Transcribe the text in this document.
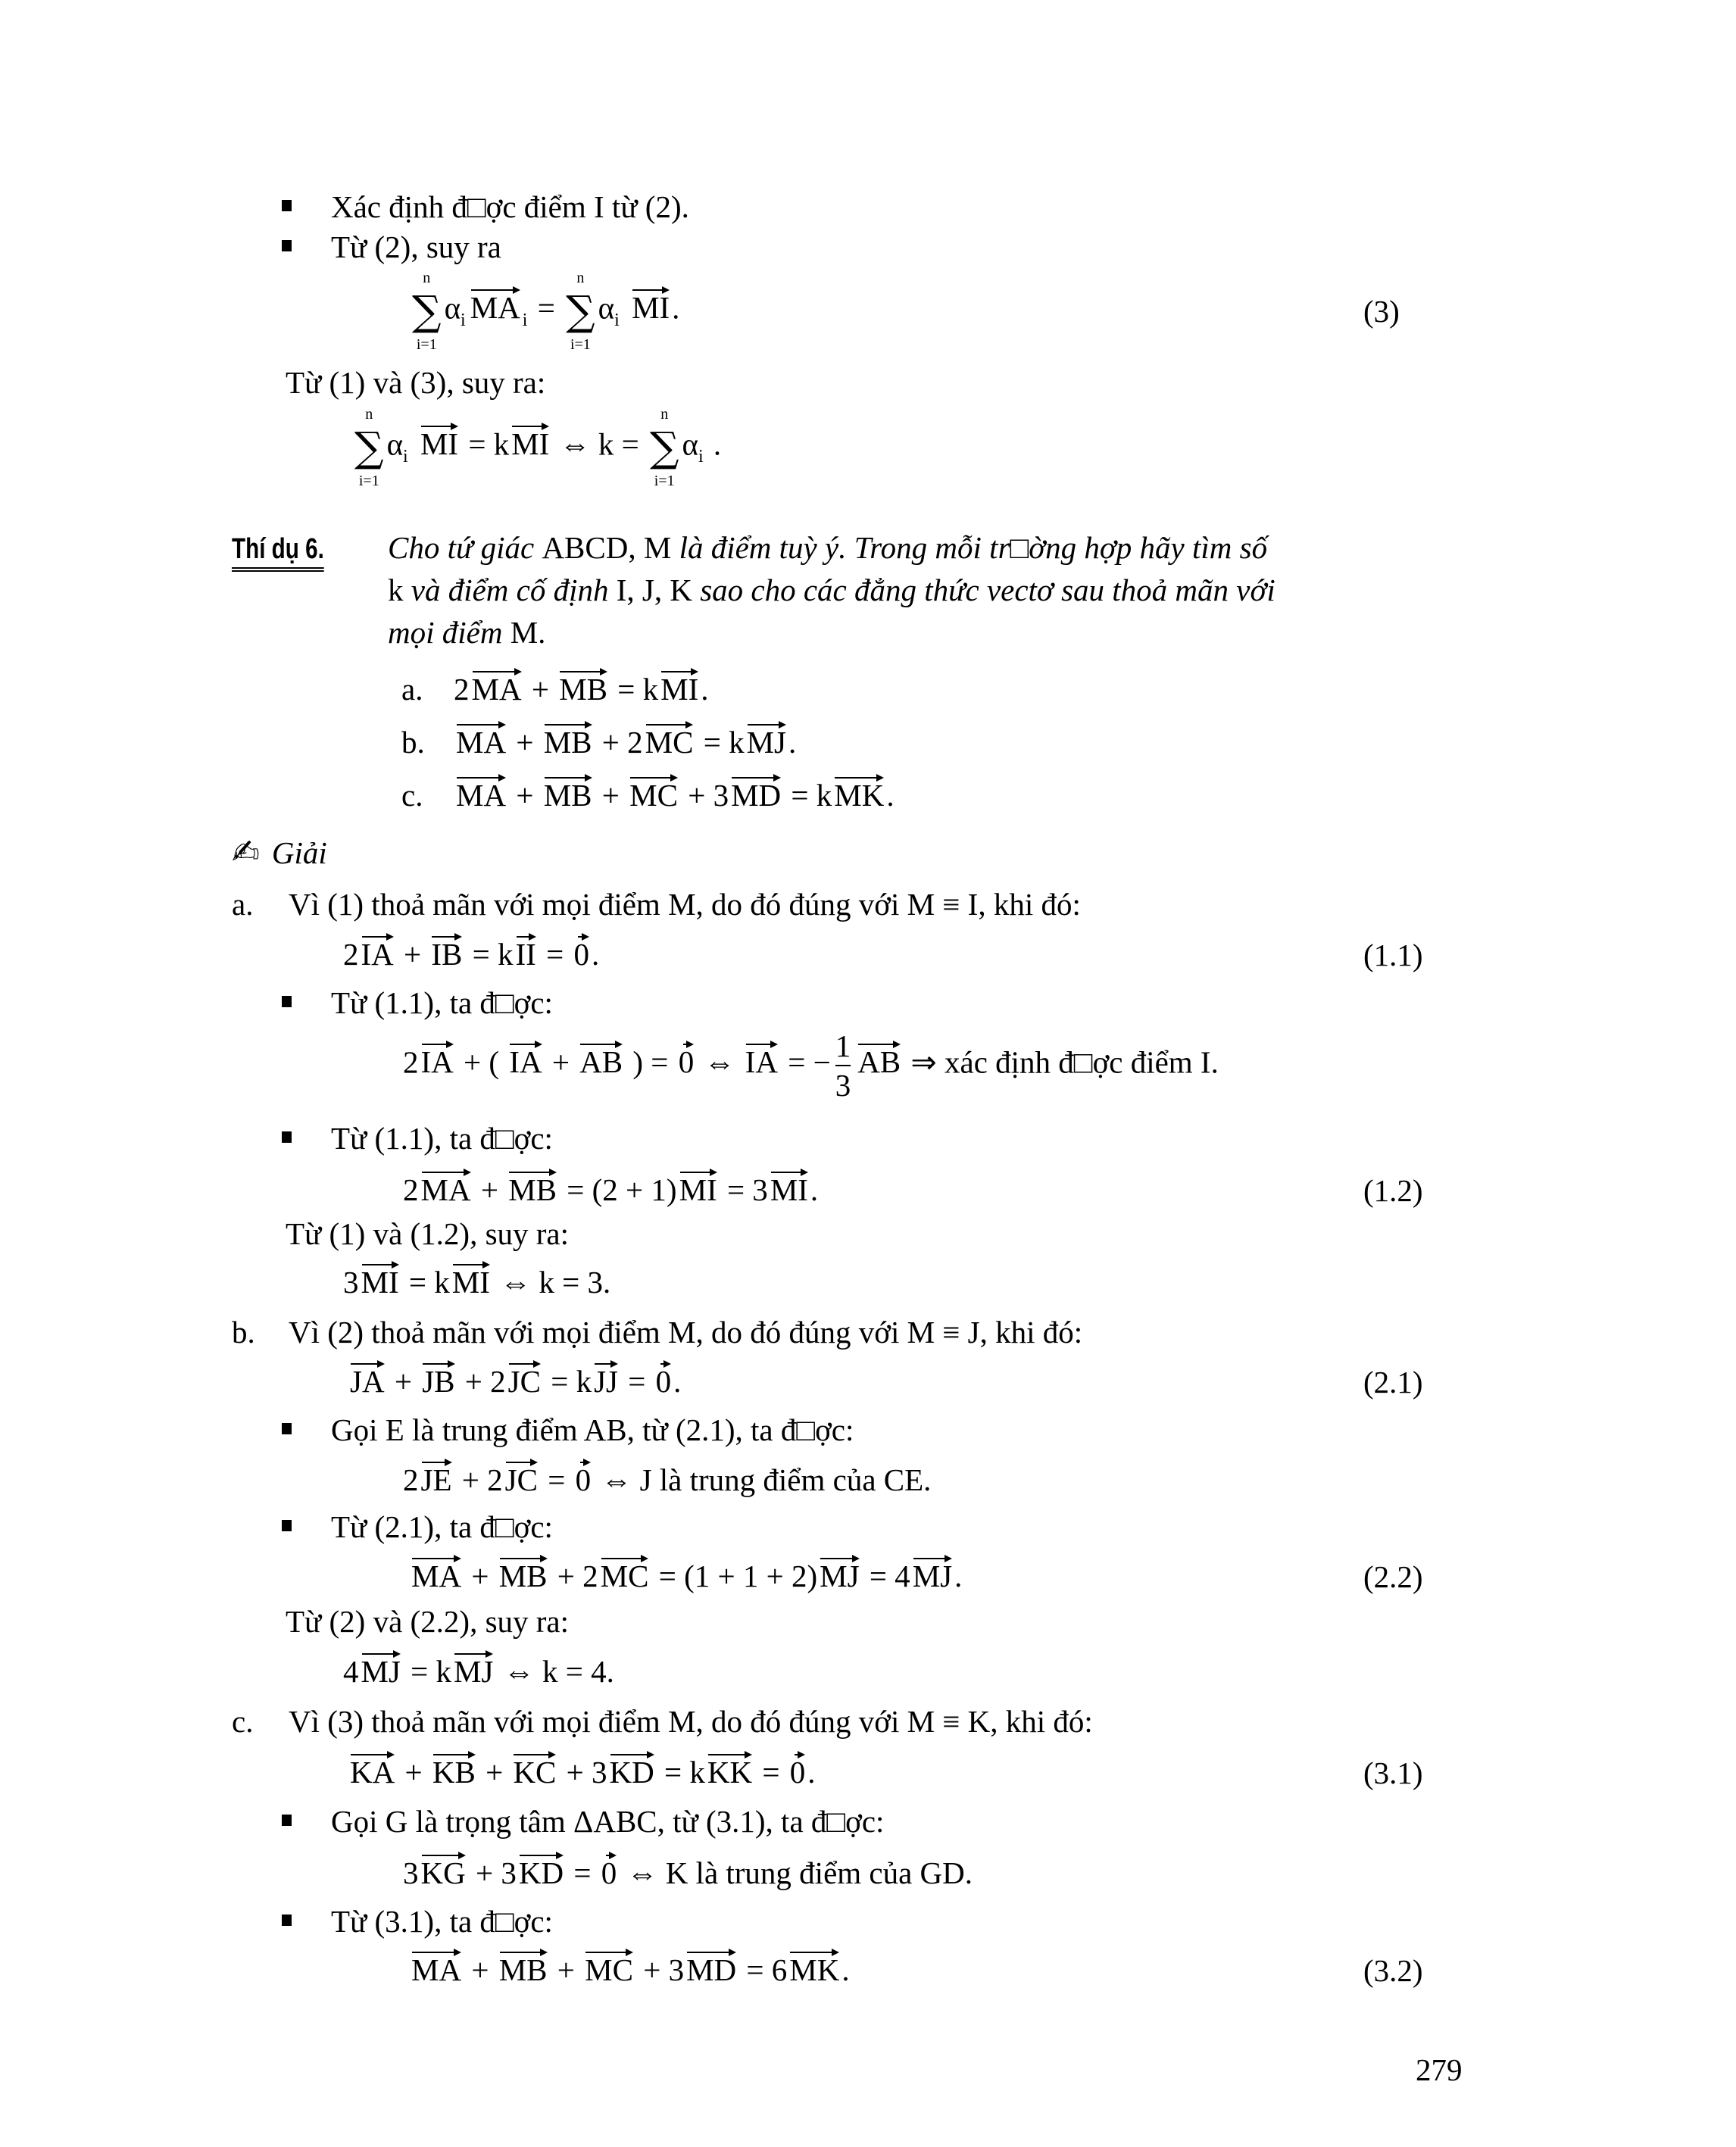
Xác định đ□ợc điểm I từ (2).
Từ (2), suy ra
n
∑
i=1
$\alpha_i$ MA $_i$ =
n
∑
i=1
$\alpha_i$ MI.	(3)
Từ (1) và (3), suy ra:
n
∑
i=1
$\alpha_i$ MI = kMI ⇔ k =
n
∑
i=1
$\alpha_i$ .
Thí dụ 6.	Cho tứ giác ABCD, M là điểm tuỳ ý. Trong mỗi tr□ờng hợp hãy tìm số
k và điểm cố định I, J, K sao cho các đẳng thức vectơ sau thoả mãn với
mọi điểm M.
a. 2MA + MB = kMI.
b. MA + MB + 2MC = kMJ.
c. MA + MB + MC + 3MD = kMK.
✍ Giải
a. Vì (1) thoả mãn với mọi điểm M, do đó đúng với M ≡ I, khi đó:
2IA + IB = kII = 0.	(1.1)
Từ (1.1), ta đ□ợc:
2IA + ( IA + AB ) = 0 ⇔ IA = − $\frac{1}{3}$ AB ⇒ xác định đ□ợc điểm I.
Từ (1.1), ta đ□ợc:
2MA + MB = (2 + 1)MI = 3MI.	(1.2)
Từ (1) và (1.2), suy ra:
3MI = kMI ⇔ k = 3.
b. Vì (2) thoả mãn với mọi điểm M, do đó đúng với M ≡ J, khi đó:
JA + JB + 2JC = kJJ = 0.	(2.1)
Gọi E là trung điểm AB, từ (2.1), ta đ□ợc:
2JE + 2JC = 0 ⇔ J là trung điểm của CE.
Từ (2.1), ta đ□ợc:
MA + MB + 2MC = (1 + 1 + 2)MJ = 4MJ.	(2.2)
Từ (2) và (2.2), suy ra:
4MJ = kMJ ⇔ k = 4.
c. Vì (3) thoả mãn với mọi điểm M, do đó đúng với M ≡ K, khi đó:
KA + KB + KC + 3KD = kKK = 0.	(3.1)
Gọi G là trọng tâm ΔABC, từ (3.1), ta đ□ợc:
3KG + 3KD = 0 ⇔ K là trung điểm của GD.
Từ (3.1), ta đ□ợc:
MA + MB + MC + 3MD = 6MK.	(3.2)
279
